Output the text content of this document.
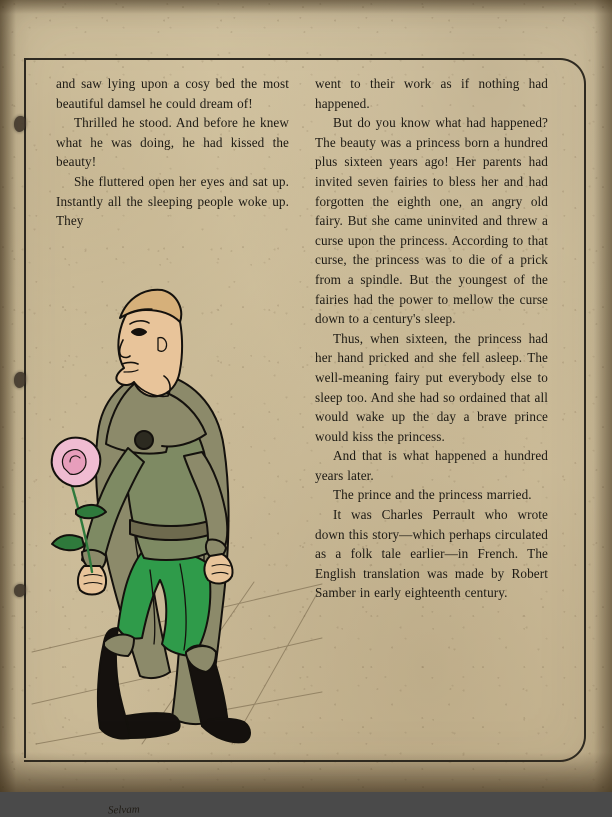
and saw lying upon a cosy bed the most beautiful damsel he could dream of!

Thrilled he stood. And before he knew what he was doing, he had kissed the beauty!

She fluttered open her eyes and sat up. Instantly all the sleeping people woke up. They

Selvam

went to their work as if nothing had happened.

But do you know what had happened? The beauty was a princess born a hundred plus sixteen years ago! Her parents had invited seven fairies to bless her and had forgotten the eighth one, an angry old fairy. But she came uninvited and threw a curse upon the princess. According to that curse, the princess was to die of a prick from a spindle. But the youngest of the fairies had the power to mellow the curse down to a century's sleep.

Thus, when sixteen, the princess had her hand pricked and she fell asleep. The well-meaning fairy put everybody else to sleep too. And she had so ordained that all would wake up the day a brave prince would kiss the princess.

And that is what happened a hundred years later.

The prince and the princess married.

It was Charles Perrault who wrote down this story—which perhaps circulated as a folk tale earlier—in French. The English translation was made by Robert Samber in early eighteenth century.
